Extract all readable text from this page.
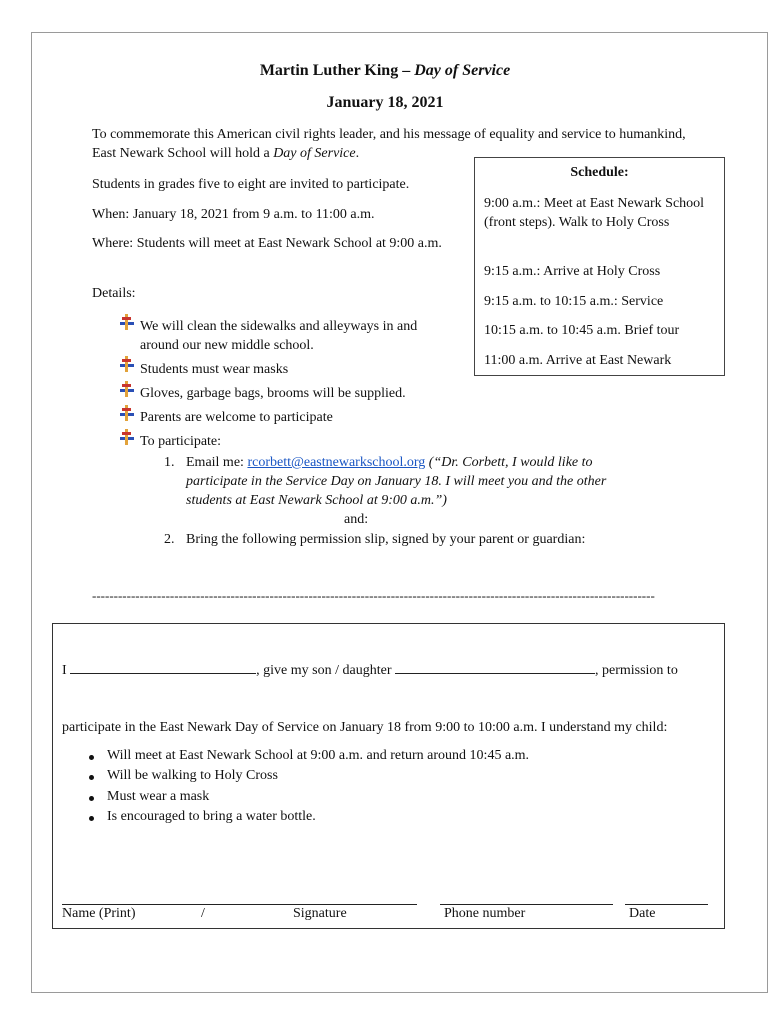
Martin Luther King – Day of Service
January 18, 2021
To commemorate this American civil rights leader, and his message of equality and service to humankind, East Newark School will hold a Day of Service.
Students in grades five to eight are invited to participate.
When: January 18, 2021 from 9 a.m. to 11:00 a.m.
Where: Students will meet at East Newark School at 9:00 a.m.
Details:
Schedule:
9:00 a.m.: Meet at East Newark School (front steps). Walk to Holy Cross
9:15 a.m.: Arrive at Holy Cross
9:15 a.m. to 10:15 a.m.: Service
10:15 a.m. to 10:45 a.m. Brief tour
11:00 a.m. Arrive at East Newark
We will clean the sidewalks and alleyways in and
around our new middle school.
Students must wear masks
Gloves, garbage bags, brooms will be supplied.
Parents are welcome to participate
To participate:
1. Email me: rcorbett@eastnewarkschool.org (“Dr. Corbett, I would like to
participate in the Service Day on January 18. I will meet you and the other
students at East Newark School at 9:00 a.m.”)
and:
2. Bring the following permission slip, signed by your parent or guardian:
----------------------------------------------------------------------------------------------------------------------------------
I	, give my son / daughter	, permission to
participate in the East Newark Day of Service on January 18 from 9:00 to 10:00 a.m. I understand my child:
Will meet at East Newark School at 9:00 a.m. and return around 10:45 a.m.
Will be walking to Holy Cross
Must wear a mask
Is encouraged to bring a water bottle.
Name (Print)	/	Signature	Phone number	Date
